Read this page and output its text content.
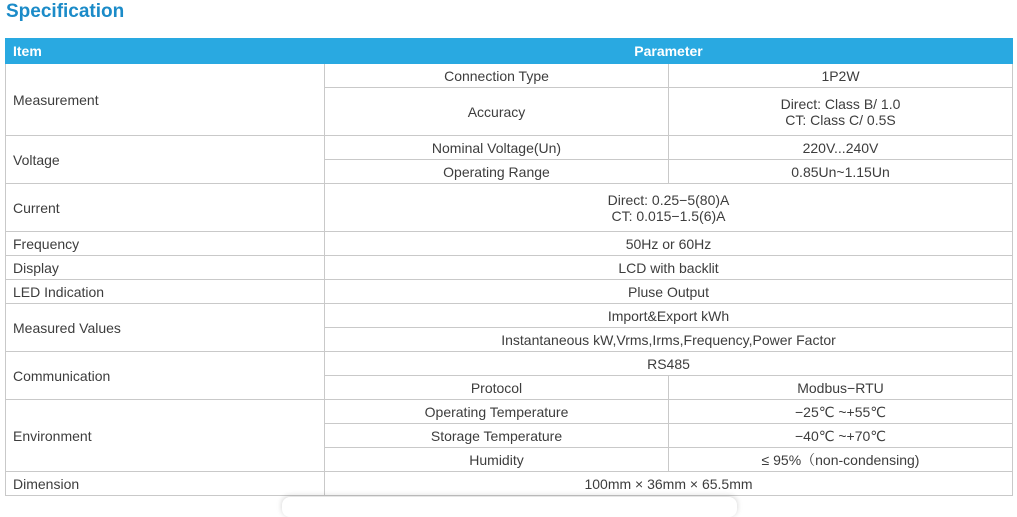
Specification
Item	Parameter	
Measurement	Connection Type	1P2W
	Accuracy	Direct: Class B/ 1.0
CT: Class C/ 0.5S

Voltage	Nominal Voltage(Un)	220V...240V
	Operating Range	0.85Un~1.15Un
Current	Direct: 0.25−5(80)A
CT: 0.015−1.5(6)A	

Frequency	50Hz or 60Hz	
Display	LCD with backlit	
LED Indication	Pluse Output	
Measured Values	Import&Export kWh	
	Instantaneous kW,Vrms,Irms,Frequency,Power Factor	
Communication	RS485	
	Protocol	Modbus−RTU
Environment	Operating Temperature	−25℃ ~+55℃
	Storage Temperature	−40℃ ~+70℃
	Humidity	≤ 95%（non-condensing)
Dimension	100mm × 36mm × 65.5mm	
